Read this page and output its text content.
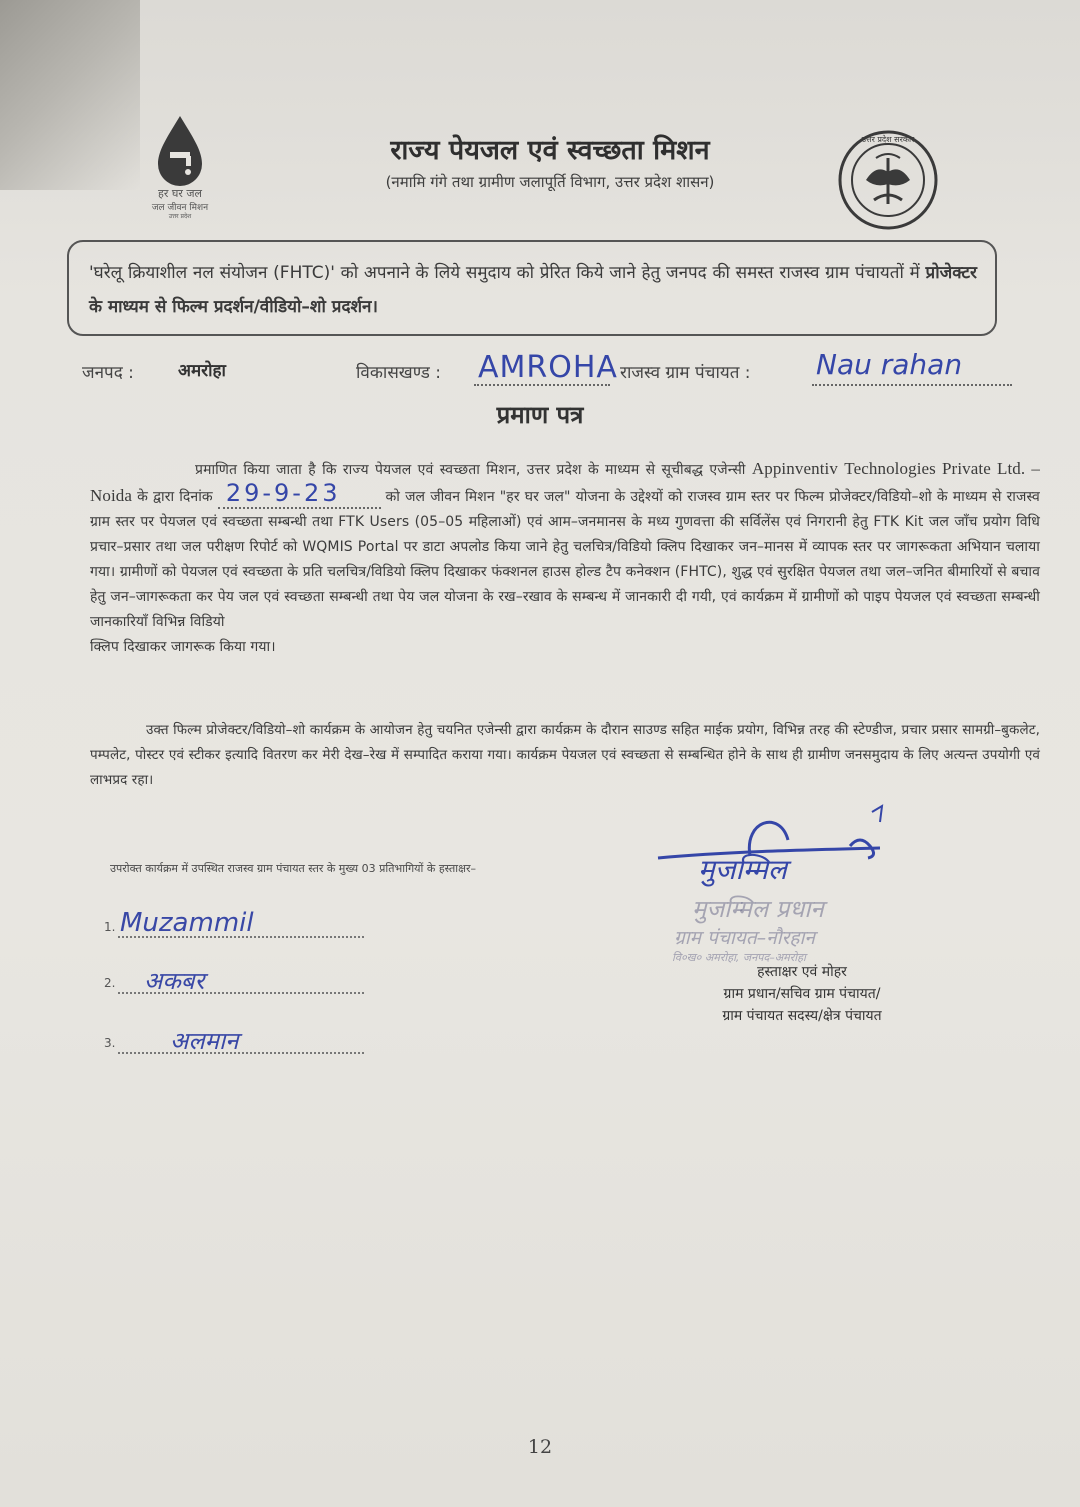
हर घर जल
जल जीवन मिशन
उत्तर प्रदेश
राज्य पेयजल एवं स्वच्छता मिशन
(नमामि गंगे तथा ग्रामीण जलापूर्ति विभाग, उत्तर प्रदेश शासन)
उत्तर प्रदेश सरकार
'घरेलू क्रियाशील नल संयोजन (FHTC)' को अपनाने के लिये समुदाय को प्रेरित किये जाने हेतु जनपद की समस्त राजस्व ग्राम पंचायतों में प्रोजेक्टर के माध्यम से फिल्म प्रदर्शन/वीडियो–शो प्रदर्शन।
जनपद :	अमरोहा	विकासखण्ड : AMROHA राजस्व ग्राम पंचायत : Nau rahan
प्रमाण पत्र
प्रमाणित किया जाता है कि राज्य पेयजल एवं स्वच्छता मिशन, उत्तर प्रदेश के माध्यम से सूचीबद्ध एजेन्सी Appinventiv Technologies Private Ltd. – Noida के द्वारा दिनांक 29-9-23	को जल जीवन मिशन "हर घर जल" योजना के उद्देश्यों को राजस्व ग्राम स्तर पर फिल्म प्रोजेक्टर/विडियो–शो के माध्यम से राजस्व ग्राम स्तर पर पेयजल एवं स्वच्छता सम्बन्धी तथा FTK Users (05–05 महिलाओं) एवं आम–जनमानस के मध्य गुणवत्ता की सर्विलेंस एवं निगरानी हेतु FTK Kit जल जाँच प्रयोग विधि प्रचार–प्रसार तथा जल परीक्षण रिपोर्ट को WQMIS Portal पर डाटा अपलोड किया जाने हेतु चलचित्र/विडियो क्लिप दिखाकर जन–मानस में व्यापक स्तर पर जागरूकता अभियान चलाया गया। ग्रामीणों को पेयजल एवं स्वच्छता के प्रति चलचित्र/विडियो क्लिप दिखाकर फंक्शनल हाउस होल्ड टैप कनेक्शन (FHTC), शुद्ध एवं सुरक्षित पेयजल तथा जल–जनित बीमारियों से बचाव हेतु जन–जागरूकता कर पेय जल एवं स्वच्छता सम्बन्धी तथा पेय जल योजना के रख–रखाव के सम्बन्ध में जानकारी दी गयी, एवं कार्यक्रम में ग्रामीणों को पाइप पेयजल एवं स्वच्छता सम्बन्धी जानकारियाँ विभिन्न विडियो
क्लिप दिखाकर जागरूक किया गया।
उक्त फिल्म प्रोजेक्टर/विडियो–शो कार्यक्रम के आयोजन हेतु चयनित एजेन्सी द्वारा कार्यक्रम के दौरान साउण्ड सहित माईक प्रयोग, विभिन्न तरह की स्टेण्डीज, प्रचार प्रसार सामग्री–बुकलेट, पम्पलेट, पोस्टर एवं स्टीकर इत्यादि वितरण कर मेरी देख–रेख में सम्पादित कराया गया। कार्यक्रम पेयजल एवं स्वच्छता से सम्बन्धित होने के साथ ही ग्रामीण जनसमुदाय के लिए अत्यन्त उपयोगी एवं लाभप्रद रहा।
उपरोक्त कार्यक्रम में उपस्थित राजस्व ग्राम पंचायत स्तर के मुख्य 03 प्रतिभागियों के हस्ताक्षर–
1. Muzammil
2. अकबर
3. अलमान
मुजम्मिल
मुजम्मिल प्रधान
ग्राम पंचायत–नौरहान
वि०ख० अमरोहा, जनपद–अमरोहा
हस्ताक्षर एवं मोहर
ग्राम प्रधान/सचिव ग्राम पंचायत/
ग्राम पंचायत सदस्य/क्षेत्र पंचायत
12
